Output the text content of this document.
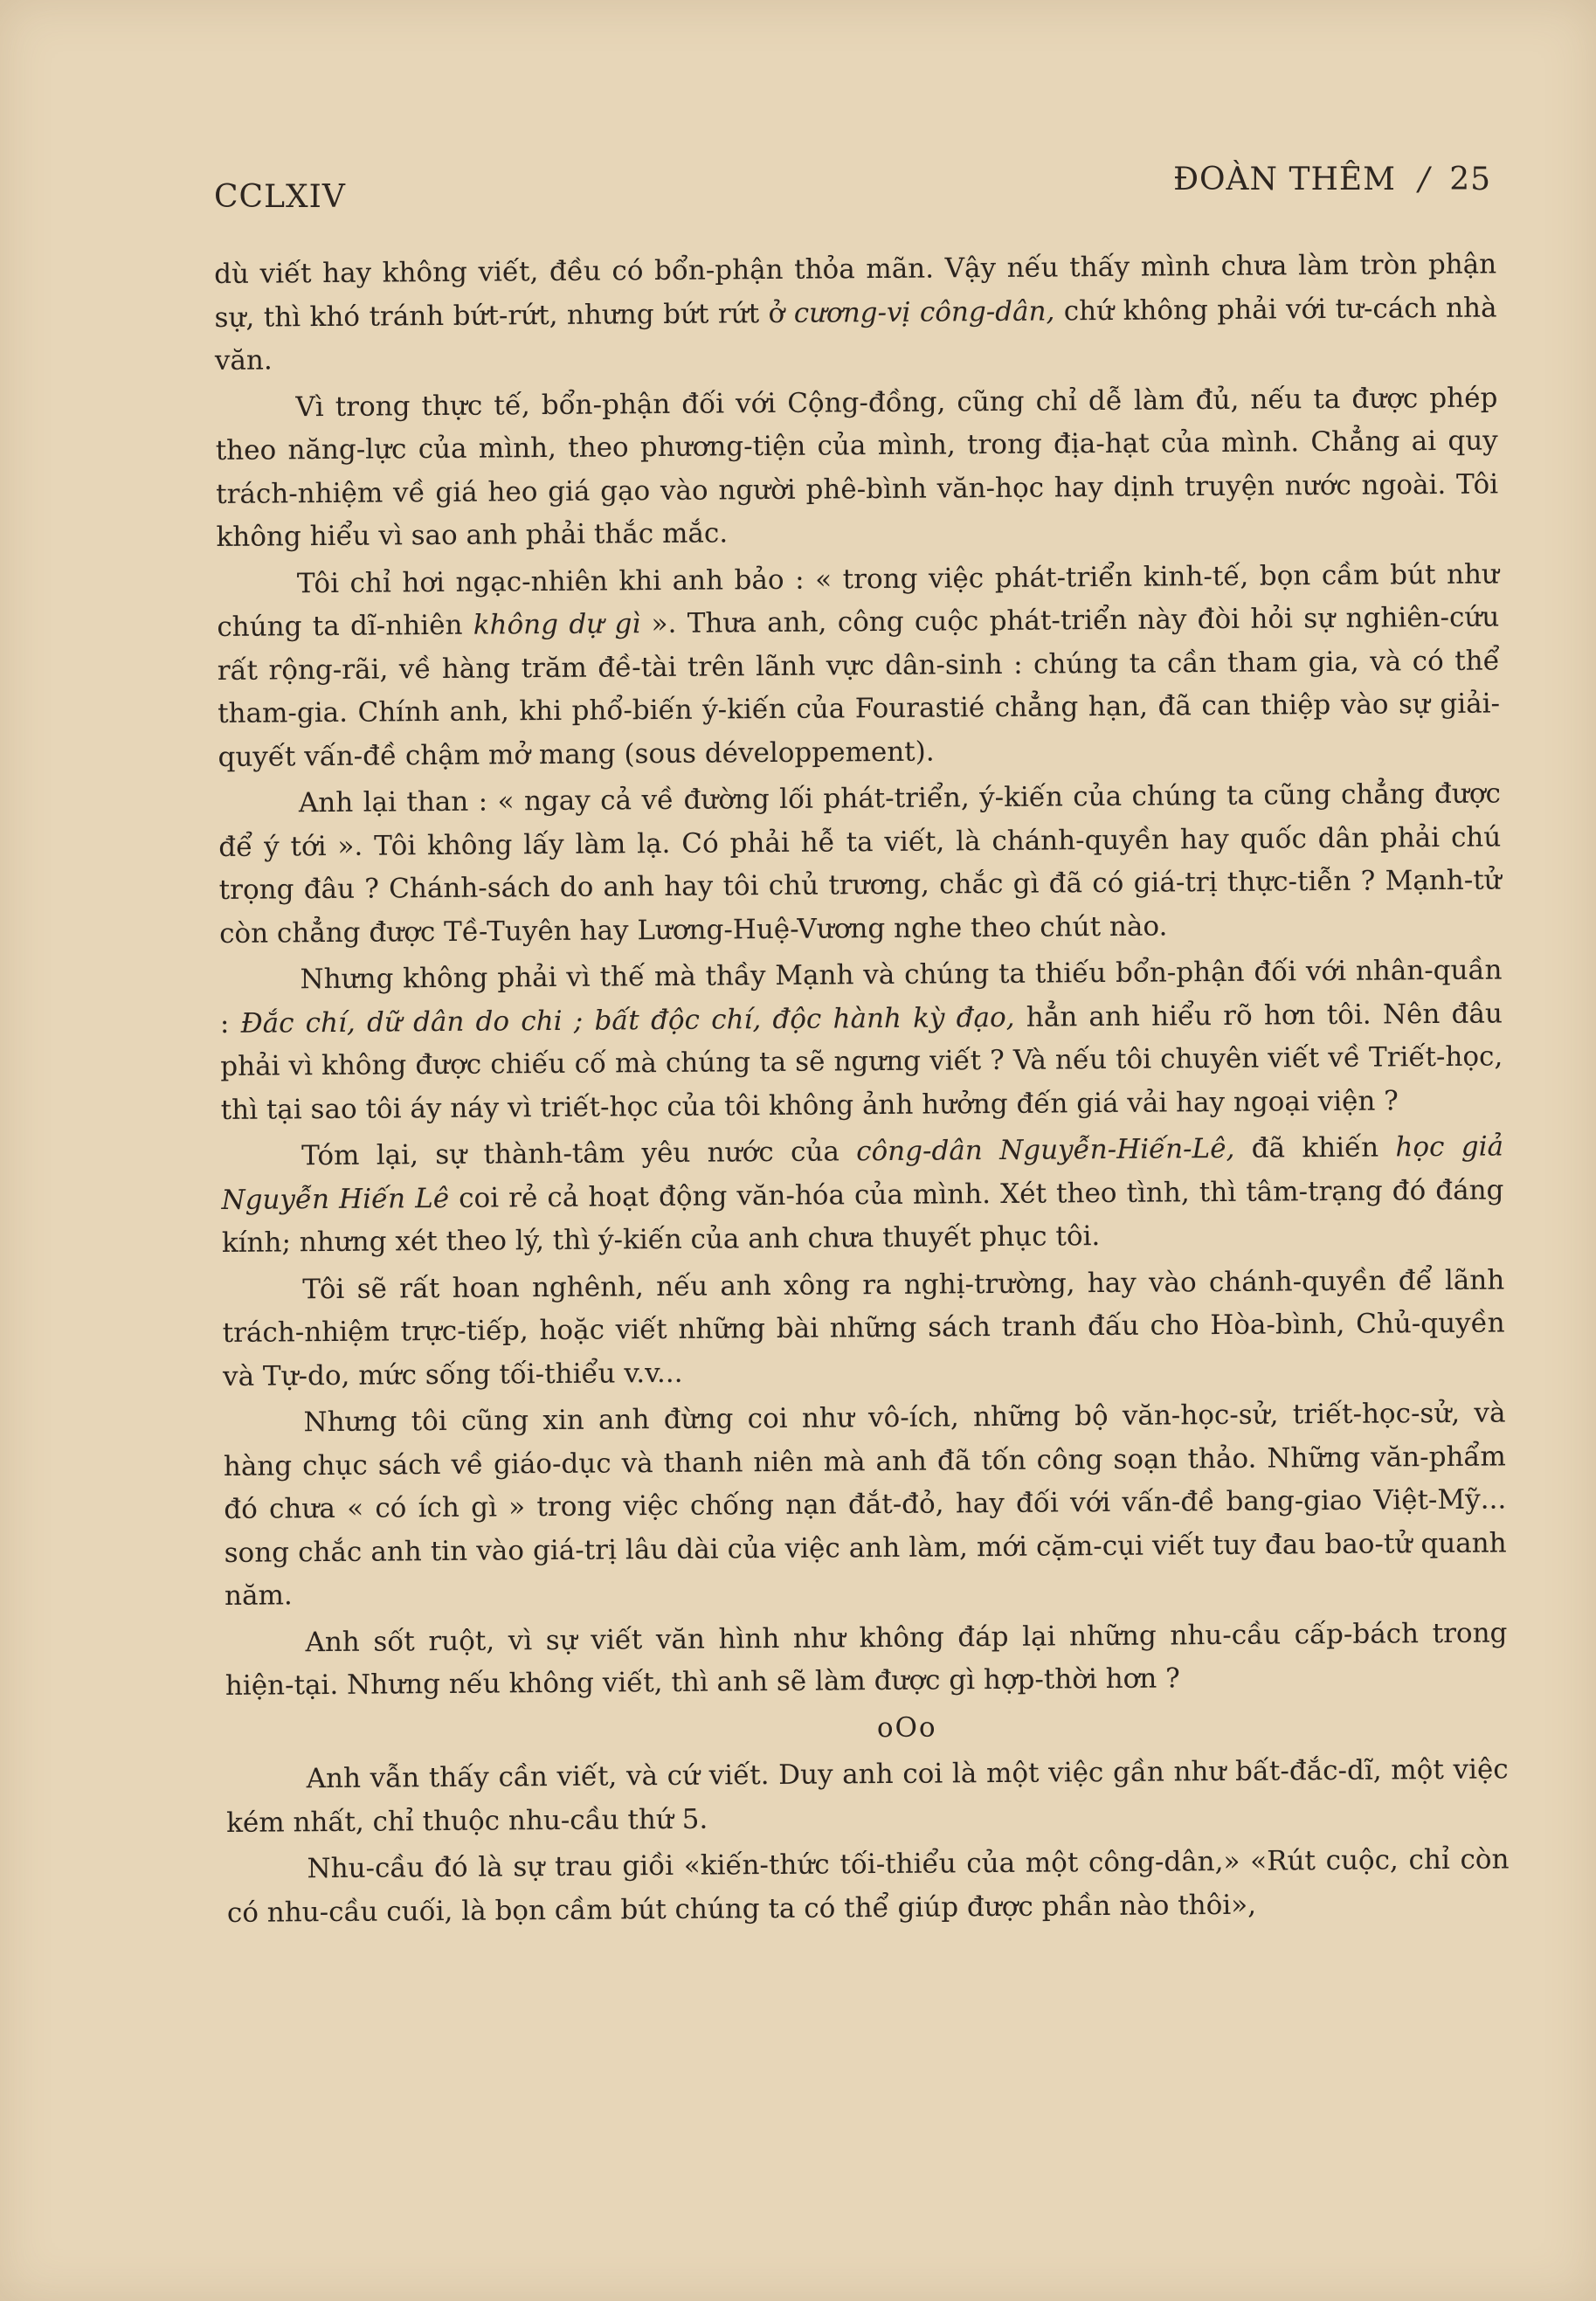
CCLXIV	ĐOÀN THÊM / 25

dù viết hay không viết, đều có bổn-phận thỏa mãn. Vậy nếu thấy mình chưa làm tròn phận sự, thì khó tránh bứt-rứt, nhưng bứt rứt ở cương-vị công-dân, chứ không phải với tư-cách nhà văn.

Vì trong thực tế, bổn-phận đối với Cộng-đồng, cũng chỉ dễ làm đủ, nếu ta được phép theo năng-lực của mình, theo phương-tiện của mình, trong địa-hạt của mình. Chẳng ai quy trách-nhiệm về giá heo giá gạo vào người phê-bình văn-học hay dịnh truyện nước ngoài. Tôi không hiểu vì sao anh phải thắc mắc.

Tôi chỉ hơi ngạc-nhiên khi anh bảo : « trong việc phát-triển kinh-tế, bọn cầm bút như chúng ta dĩ-nhiên không dự gì ». Thưa anh, công cuộc phát-triển này đòi hỏi sự nghiên-cứu rất rộng-rãi, về hàng trăm đề-tài trên lãnh vực dân-sinh : chúng ta cần tham gia, và có thể tham-gia. Chính anh, khi phổ-biến ý-kiến của Fourastié chẳng hạn, đã can thiệp vào sự giải-quyết vấn-đề chậm mở mang (sous développement).

Anh lại than : « ngay cả về đường lối phát-triển, ý-kiến của chúng ta cũng chẳng được để ý tới ». Tôi không lấy làm lạ. Có phải hễ ta viết, là chánh-quyền hay quốc dân phải chú trọng đâu ? Chánh-sách do anh hay tôi chủ trương, chắc gì đã có giá-trị thực-tiễn ? Mạnh-tử còn chẳng được Tề-Tuyên hay Lương-Huệ-Vương nghe theo chút nào.

Nhưng không phải vì thế mà thầy Mạnh và chúng ta thiếu bổn-phận đối với nhân-quần : Đắc chí, dữ dân do chi ; bất độc chí, độc hành kỳ đạo, hẳn anh hiểu rõ hơn tôi. Nên đâu phải vì không được chiếu cố mà chúng ta sẽ ngưng viết ? Và nếu tôi chuyên viết về Triết-học, thì tại sao tôi áy náy vì triết-học của tôi không ảnh hưởng đến giá vải hay ngoại viện ?

Tóm lại, sự thành-tâm yêu nước của công-dân Nguyễn-Hiến-Lê, đã khiến học giả Nguyễn Hiến Lê coi rẻ cả hoạt động văn-hóa của mình. Xét theo tình, thì tâm-trạng đó đáng kính; nhưng xét theo lý, thì ý-kiến của anh chưa thuyết phục tôi.

Tôi sẽ rất hoan nghênh, nếu anh xông ra nghị-trường, hay vào chánh-quyền để lãnh trách-nhiệm trực-tiếp, hoặc viết những bài những sách tranh đấu cho Hòa-bình, Chủ-quyền và Tự-do, mức sống tối-thiểu v.v...

Nhưng tôi cũng xin anh đừng coi như vô-ích, những bộ văn-học-sử, triết-học-sử, và hàng chục sách về giáo-dục và thanh niên mà anh đã tốn công soạn thảo. Những văn-phẩm đó chưa « có ích gì » trong việc chống nạn đắt-đỏ, hay đối với vấn-đề bang-giao Việt-Mỹ... song chắc anh tin vào giá-trị lâu dài của việc anh làm, mới cặm-cụi viết tuy đau bao-tử quanh năm.

Anh sốt ruột, vì sự viết văn hình như không đáp lại những nhu-cầu cấp-bách trong hiện-tại. Nhưng nếu không viết, thì anh sẽ làm được gì hợp-thời hơn ?

oOo

Anh vẫn thấy cần viết, và cứ viết. Duy anh coi là một việc gần như bất-đắc-dĩ, một việc kém nhất, chỉ thuộc nhu-cầu thứ 5.

Nhu-cầu đó là sự trau giồi «kiến-thức tối-thiểu của một công-dân,» «Rút cuộc, chỉ còn có nhu-cầu cuối, là bọn cầm bút chúng ta có thể giúp được phần nào thôi»,
